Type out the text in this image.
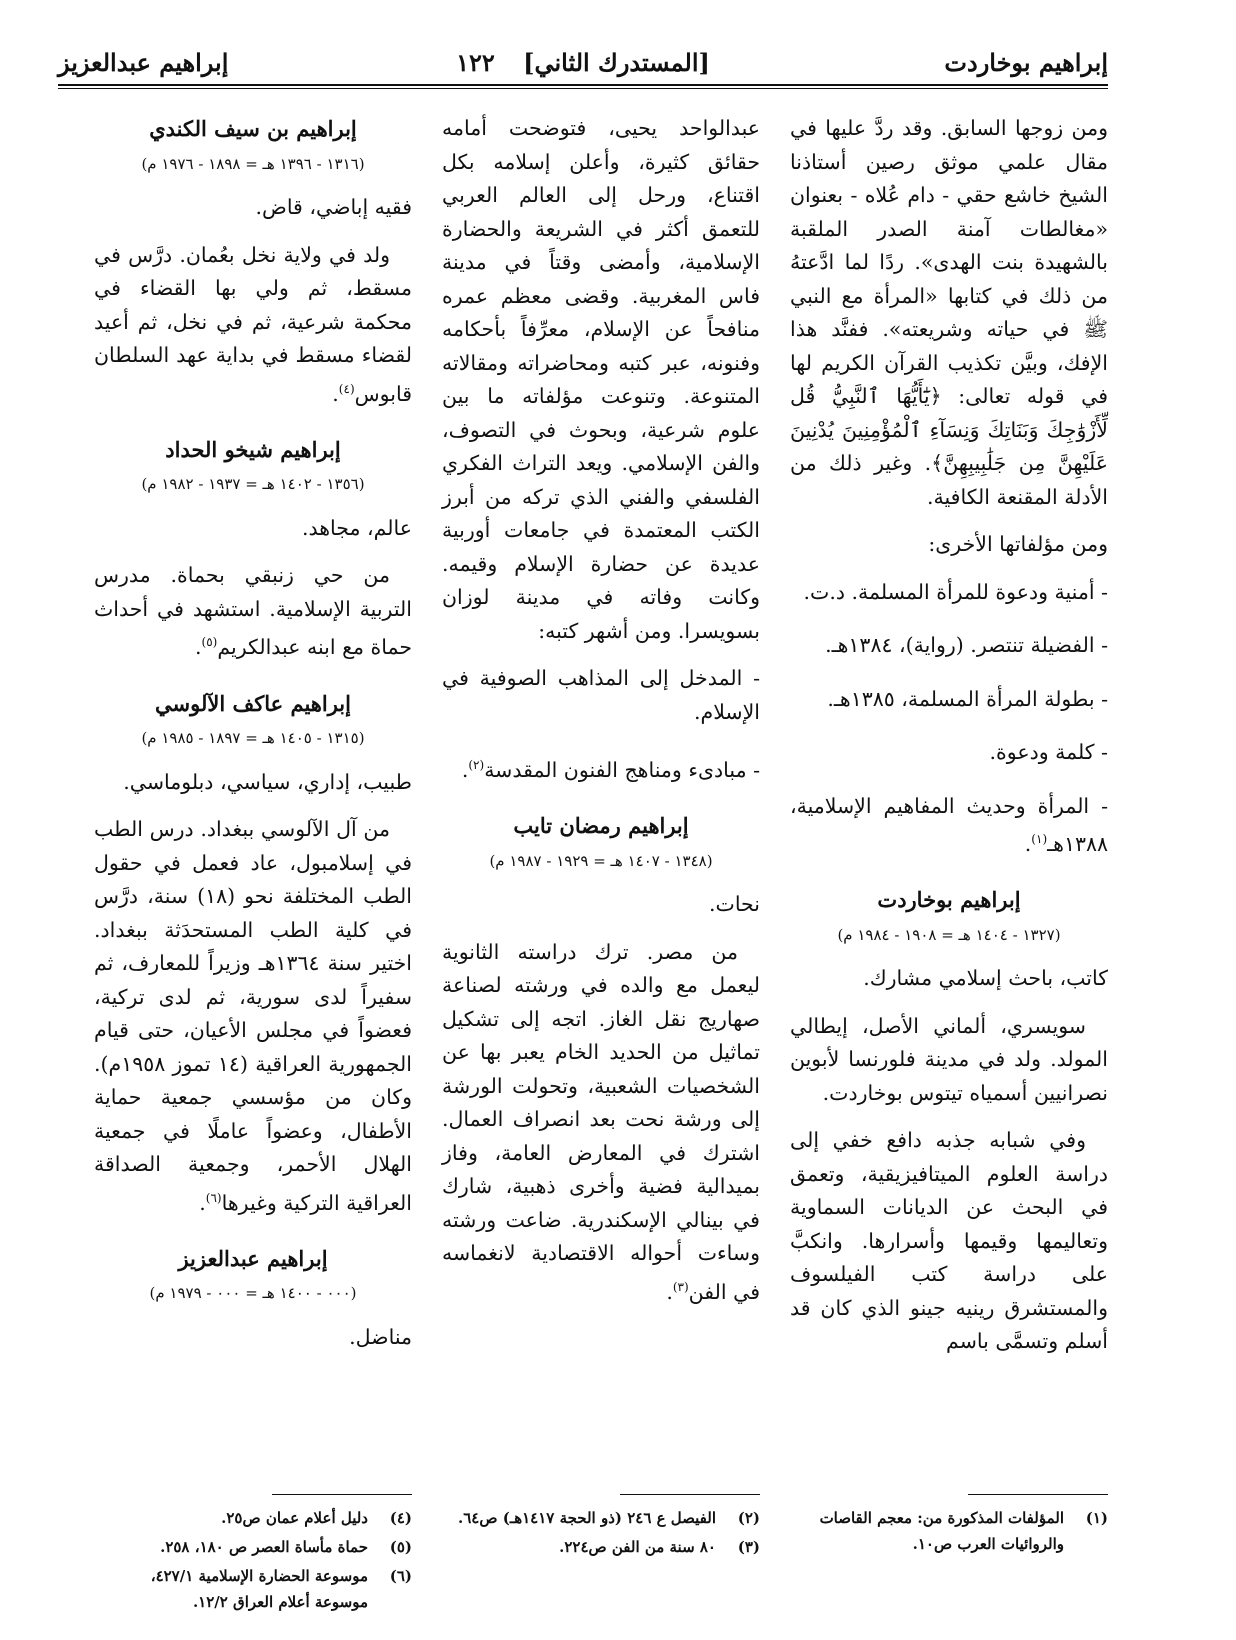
إبراهيم بوخاردت
[المستدرك الثاني] ١٢٢
إبراهيم عبدالعزيز

ومن زوجها السابق. وقد ردَّ عليها في مقال علمي موثق رصين أستاذنا الشيخ خاشع حقي - دام عُلاه - بعنوان «مغالطات آمنة الصدر الملقبة بالشهيدة بنت الهدى». ردًا لما ادَّعتهُ من ذلك في كتابها «المرأة مع النبي ﷺ في حياته وشريعته». ففنَّد هذا الإفك، وبيَّن تكذيب القرآن الكريم لها في قوله تعالى: ﴿يَٰٓأَيُّهَا ٱلنَّبِيُّ قُل لِّأَزْوَٰجِكَ وَبَنَاتِكَ وَنِسَآءِ ٱلْمُؤْمِنِينَ يُدْنِينَ عَلَيْهِنَّ مِن جَلَٰبِيبِهِنَّ﴾. وغير ذلك من الأدلة المقنعة الكافية.

ومن مؤلفاتها الأخرى:

- أمنية ودعوة للمرأة المسلمة. د.ت.

- الفضيلة تنتصر. (رواية)، ١٣٨٤هـ.

- بطولة المرأة المسلمة، ١٣٨٥هـ.

- كلمة ودعوة.

- المرأة وحديث المفاهيم الإسلامية، ١٣٨٨هـ$^{(١)}$.

إبراهيم بوخاردت
(١٣٢٧ - ١٤٠٤ هـ = ١٩٠٨ - ١٩٨٤ م)
كاتب، باحث إسلامي مشارك.

سويسري، ألماني الأصل، إيطالي المولد. ولد في مدينة فلورنسا لأبوين نصرانيين أسمياه تيتوس بوخاردت.

وفي شبابه جذبه دافع خفي إلى دراسة العلوم الميتافيزيقية، وتعمق في البحث عن الديانات السماوية وتعاليمها وقيمها وأسرارها. وانكبَّ على دراسة كتب الفيلسوف والمستشرق رينيه جينو الذي كان قد أسلم وتسمَّى باسم

عبدالواحد يحيى، فتوضحت أمامه حقائق كثيرة، وأعلن إسلامه بكل اقتناع، ورحل إلى العالم العربي للتعمق أكثر في الشريعة والحضارة الإسلامية، وأمضى وقتاً في مدينة فاس المغربية. وقضى معظم عمره منافحاً عن الإسلام، معرِّفاً بأحكامه وفنونه، عبر كتبه ومحاضراته ومقالاته المتنوعة. وتنوعت مؤلفاته ما بين علوم شرعية، وبحوث في التصوف، والفن الإسلامي. ويعد التراث الفكري الفلسفي والفني الذي تركه من أبرز الكتب المعتمدة في جامعات أوربية عديدة عن حضارة الإسلام وقيمه. وكانت وفاته في مدينة لوزان بسويسرا. ومن أشهر كتبه:

- المدخل إلى المذاهب الصوفية في الإسلام.

- مبادىء ومناهج الفنون المقدسة$^{(٢)}$.

إبراهيم رمضان تايب
(١٣٤٨ - ١٤٠٧ هـ = ١٩٢٩ - ١٩٨٧ م)
نحات.

من مصر. ترك دراسته الثانوية ليعمل مع والده في ورشته لصناعة صهاريج نقل الغاز. اتجه إلى تشكيل تماثيل من الحديد الخام يعبر بها عن الشخصيات الشعبية، وتحولت الورشة إلى ورشة نحت بعد انصراف العمال. اشترك في المعارض العامة، وفاز بميدالية فضية وأخرى ذهبية، شارك في بينالي الإسكندرية. ضاعت ورشته وساءت أحواله الاقتصادية لانغماسه في الفن$^{(٣)}$.

إبراهيم بن سيف الكندي
(١٣١٦ - ١٣٩٦ هـ = ١٨٩٨ - ١٩٧٦ م)
فقيه إباضي، قاض.

ولد في ولاية نخل بعُمان. درَّس في مسقط، ثم ولي بها القضاء في محكمة شرعية، ثم في نخل، ثم أعيد لقضاء مسقط في بداية عهد السلطان قابوس$^{(٤)}$.

إبراهيم شيخو الحداد
(١٣٥٦ - ١٤٠٢ هـ = ١٩٣٧ - ١٩٨٢ م)
عالم، مجاهد.

من حي زنبقي بحماة. مدرس التربية الإسلامية. استشهد في أحداث حماة مع ابنه عبدالكريم$^{(٥)}$.

إبراهيم عاكف الآلوسي
(١٣١٥ - ١٤٠٥ هـ = ١٨٩٧ - ١٩٨٥ م)
طبيب، إداري، سياسي، دبلوماسي.

من آل الآلوسي ببغداد. درس الطب في إسلامبول، عاد فعمل في حقول الطب المختلفة نحو (١٨) سنة، درَّس في كلية الطب المستحدَثة ببغداد. اختير سنة ١٣٦٤هـ وزيراً للمعارف، ثم سفيراً لدى سورية، ثم لدى تركية، فعضواً في مجلس الأعيان، حتى قيام الجمهورية العراقية (١٤ تموز ١٩٥٨م). وكان من مؤسسي جمعية حماية الأطفال، وعضواً عاملًا في جمعية الهلال الأحمر، وجمعية الصداقة العراقية التركية وغيرها$^{(٦)}$.

إبراهيم عبدالعزيز
(٠٠٠ - ١٤٠٠ هـ = ٠٠٠ - ١٩٧٩ م)
مناضل.
(١)
المؤلفات المذكورة من: معجم القاصات والروائيات العرب ص١٠.
(٢)
الفيصل ع ٢٤٦ (ذو الحجة ١٤١٧هـ) ص٦٤.
(٣)
٨٠ سنة من الفن ص٢٢٤.
(٤)
دليل أعلام عمان ص٢٥.
(٥)
حماة مأساة العصر ص ١٨٠، ٢٥٨.
(٦)
موسوعة الحضارة الإسلامية ٤٢٧/١، موسوعة أعلام العراق ١٢/٢.
